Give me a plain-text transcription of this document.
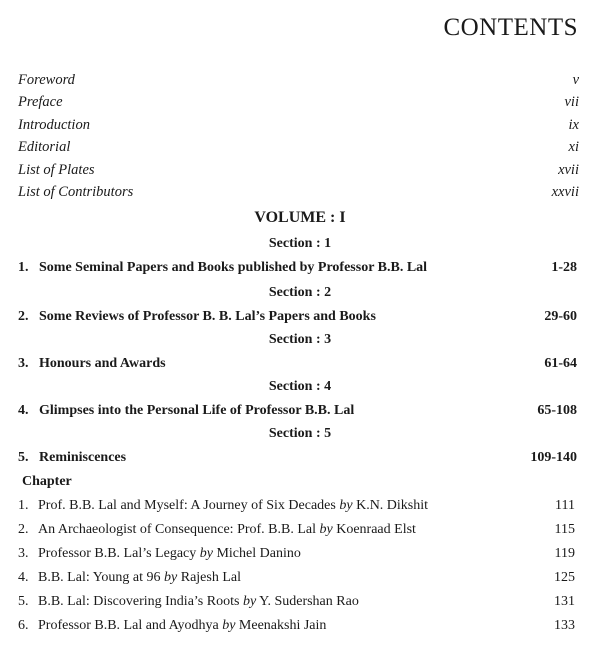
CONTENTS
Foreword	v
Preface	vii
Introduction	ix
Editorial	xi
List of Plates	xvii
List of Contributors	xxvii
VOLUME : I
Section : 1
1. Some Seminal Papers and Books published by Professor B.B. Lal	1-28
Section : 2
2. Some Reviews of Professor B. B. Lal’s Papers and Books	29-60
Section : 3
3. Honours and Awards	61-64
Section : 4
4. Glimpses into the Personal Life of Professor B.B. Lal	65-108
Section : 5
5. Reminiscences	109-140
Chapter
1. Prof. B.B. Lal and Myself: A Journey of Six Decades by K.N. Dikshit	111
2. An Archaeologist of Consequence: Prof. B.B. Lal by Koenraad Elst	115
3. Professor B.B. Lal’s Legacy by Michel Danino	119
4. B.B. Lal: Young at 96 by Rajesh Lal	125
5. B.B. Lal: Discovering India’s Roots by Y. Sudershan Rao	131
6. Professor B.B. Lal and Ayodhya by Meenakshi Jain	133
